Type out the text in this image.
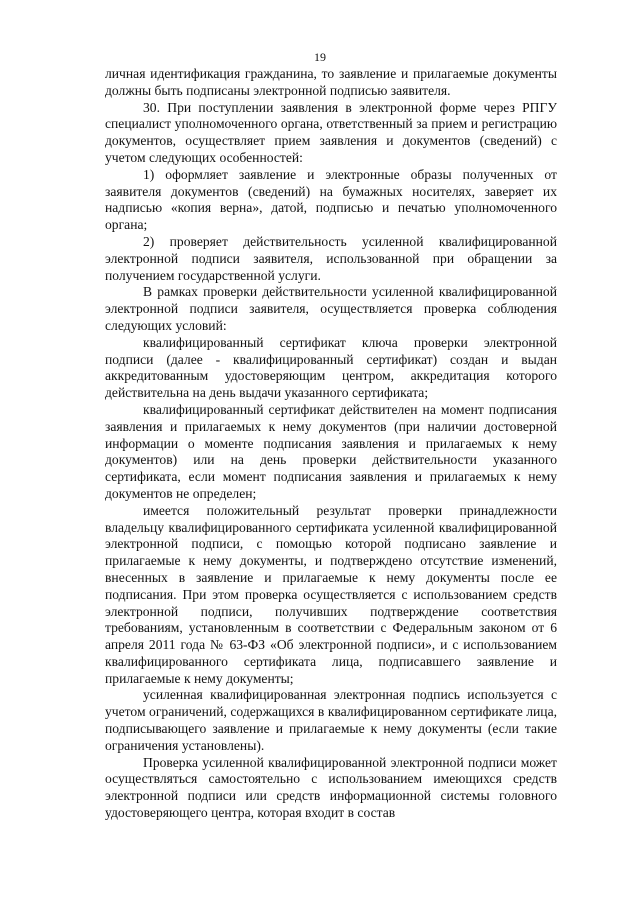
19

личная идентификация гражданина, то заявление и прилагаемые документы должны быть подписаны электронной подписью заявителя.

30. При поступлении заявления в электронной форме через РПГУ специалист уполномоченного органа, ответственный за прием и регистрацию документов, осуществляет прием заявления и документов (сведений) с учетом следующих особенностей:

1) оформляет заявление и электронные образы полученных от заявителя документов (сведений) на бумажных носителях, заверяет их надписью «копия верна», датой, подписью и печатью уполномоченного органа;

2) проверяет действительность усиленной квалифицированной электронной подписи заявителя, использованной при обращении за получением государственной услуги.

В рамках проверки действительности усиленной квалифицированной электронной подписи заявителя, осуществляется проверка соблюдения следующих условий:

квалифицированный сертификат ключа проверки электронной подписи (далее - квалифицированный сертификат) создан и выдан аккредитованным удостоверяющим центром, аккредитация которого действительна на день выдачи указанного сертификата;

квалифицированный сертификат действителен на момент подписания заявления и прилагаемых к нему документов (при наличии достоверной информации о моменте подписания заявления и прилагаемых к нему документов) или на день проверки действительности указанного сертификата, если момент подписания заявления и прилагаемых к нему документов не определен;

имеется положительный результат проверки принадлежности владельцу квалифицированного сертификата усиленной квалифицированной электронной подписи, с помощью которой подписано заявление и прилагаемые к нему документы, и подтверждено отсутствие изменений, внесенных в заявление и прилагаемые к нему документы после ее подписания. При этом проверка осуществляется с использованием средств электронной подписи, получивших подтверждение соответствия требованиям, установленным в соответствии с Федеральным законом от 6 апреля 2011 года № 63-ФЗ «Об электронной подписи», и с использованием квалифицированного сертификата лица, подписавшего заявление и прилагаемые к нему документы;

усиленная квалифицированная электронная подпись используется с учетом ограничений, содержащихся в квалифицированном сертификате лица, подписывающего заявление и прилагаемые к нему документы (если такие ограничения установлены).

Проверка усиленной квалифицированной электронной подписи может осуществляться самостоятельно с использованием имеющихся средств электронной подписи или средств информационной системы головного удостоверяющего центра, которая входит в состав
